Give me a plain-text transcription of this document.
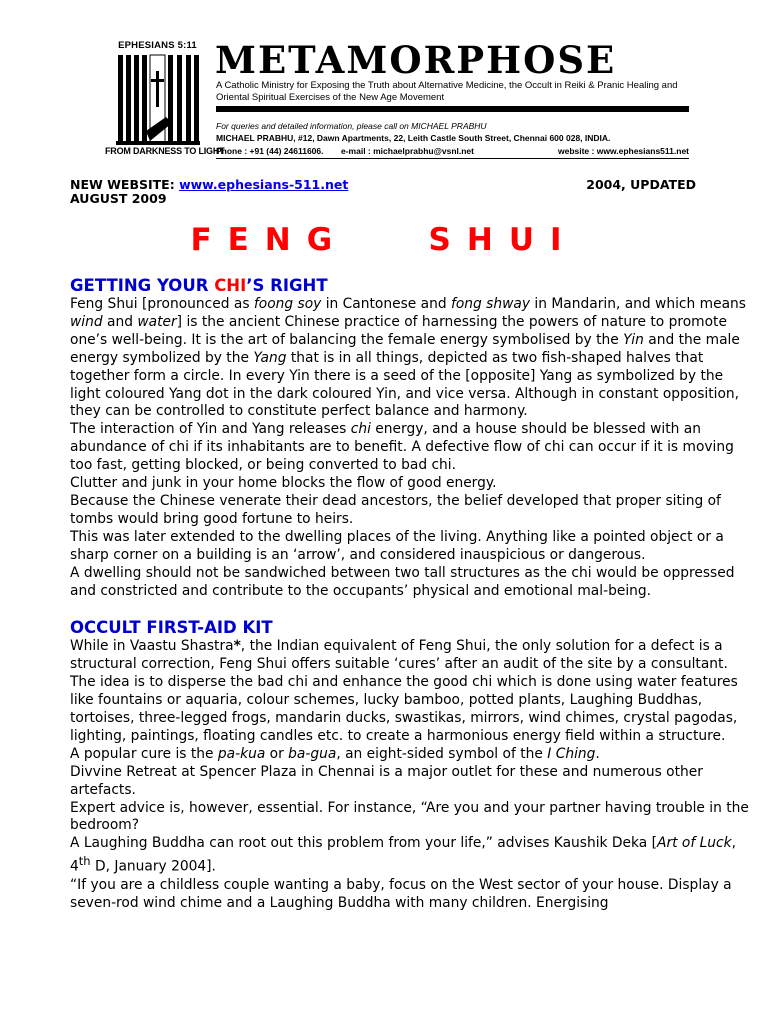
EPHESIANS 5:11
FROM DARKNESS TO LIGHT
METAMORPHOSE
A Catholic Ministry for Exposing the Truth about Alternative Medicine, the Occult in Reiki & Pranic Healing and Oriental Spiritual Exercises of the New Age Movement
For queries and detailed information, please call on MICHAEL PRABHU
MICHAEL PRABHU, #12, Dawn Apartments, 22, Leith Castle South Street, Chennai 600 028, INDIA.
Phone : +91 (44) 24611606. e-mail : michaelprabhu@vsnl.net	website : www.ephesians511.net
NEW WEBSITE: www.ephesians-511.net	2004, UPDATED
AUGUST 2009
FENG   SHUI
GETTING YOUR CHI’S RIGHT

Feng Shui [pronounced as foong soy in Cantonese and fong shway in Mandarin, and which means wind and water] is the ancient Chinese practice of harnessing the powers of nature to promote one’s well-being. It is the art of balancing the female energy symbolised by the Yin and the male energy symbolized by the Yang that is in all things, depicted as two fish-shaped halves that together form a circle. In every Yin there is a seed of the [opposite] Yang as symbolized by the light coloured Yang dot in the dark coloured Yin, and vice versa. Although in constant opposition, they can be controlled to constitute perfect balance and harmony.

The interaction of Yin and Yang releases chi energy, and a house should be blessed with an abundance of chi if its inhabitants are to benefit. A defective flow of chi can occur if it is moving too fast, getting blocked, or being converted to bad chi.

Clutter and junk in your home blocks the flow of good energy.

Because the Chinese venerate their dead ancestors, the belief developed that proper siting of tombs would bring good fortune to heirs.

This was later extended to the dwelling places of the living. Anything like a pointed object or a sharp corner on a building is an ‘arrow’, and considered inauspicious or dangerous.

A dwelling should not be sandwiched between two tall structures as the chi would be oppressed and constricted and contribute to the occupants’ physical and emotional mal-being.

OCCULT FIRST-AID KIT

While in Vaastu Shastra*, the Indian equivalent of Feng Shui, the only solution for a defect is a structural correction, Feng Shui offers suitable ‘cures’ after an audit of the site by a consultant. The idea is to disperse the bad chi and enhance the good chi which is done using water features like fountains or aquaria, colour schemes, lucky bamboo, potted plants, Laughing Buddhas, tortoises, three-legged frogs, mandarin ducks, swastikas, mirrors, wind chimes, crystal pagodas, lighting, paintings, floating candles etc. to create a harmonious energy field within a structure.

A popular cure is the pa-kua or ba-gua, an eight-sided symbol of the I Ching.

Divvine Retreat at Spencer Plaza in Chennai is a major outlet for these and numerous other artefacts.

Expert advice is, however, essential. For instance, “Are you and your partner having trouble in the bedroom?

A Laughing Buddha can root out this problem from your life,” advises Kaushik Deka [Art of Luck, 4th D, January 2004].

“If you are a childless couple wanting a baby, focus on the West sector of your house. Display a seven-rod wind chime and a Laughing Buddha with many children. Energising
